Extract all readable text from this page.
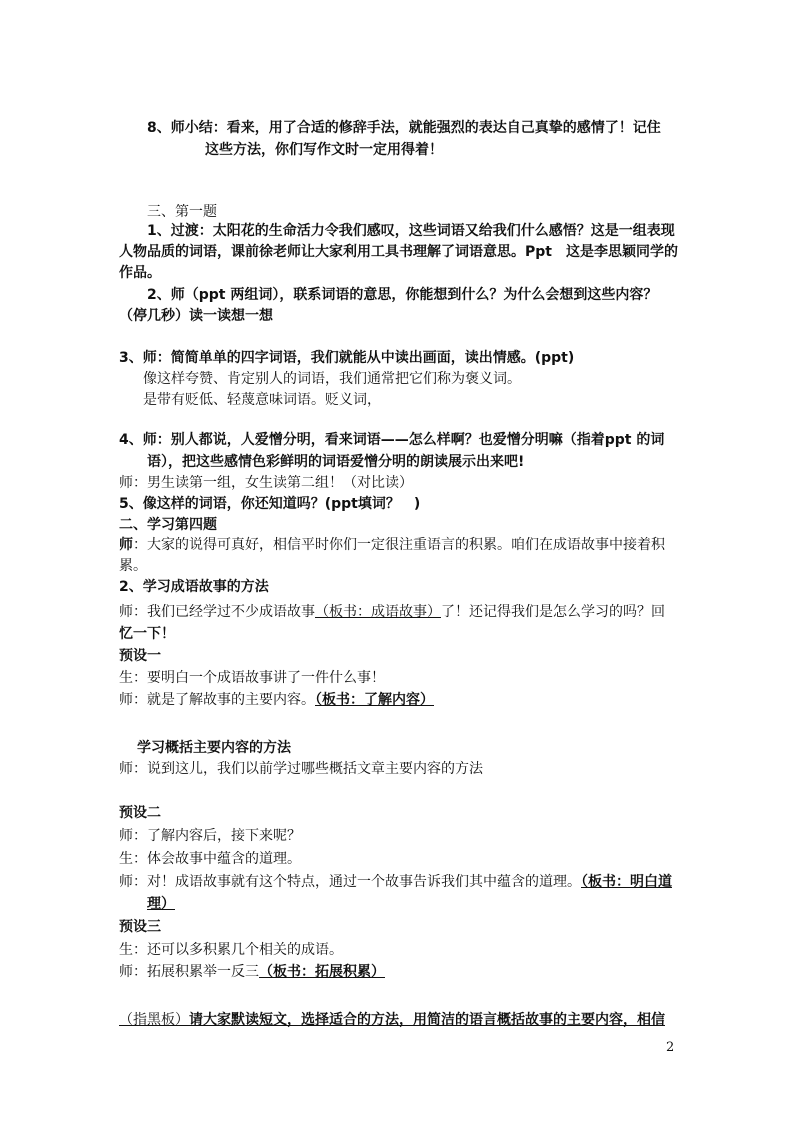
8、师小结：看来，用了合适的修辞手法，就能强烈的表达自己真挚的感情了！记住
这些方法，你们写作文时一定用得着！
三、第一题
1、过渡：太阳花的生命活力令我们感叹，这些词语又给我们什么感悟？这是一组表现
人物品质的词语，课前徐老师让大家利用工具书理解了词语意思。Ppt　这是李思颖同学的
作品。
2、师（ppt 两组词），联系词语的意思，你能想到什么？为什么会想到这些内容？
（停几秒）读一读想一想
3、师：简简单单的四字词语，我们就能从中读出画面，读出情感。(ppt)
像这样夸赞、肯定别人的词语，我们通常把它们称为褒义词。
是带有贬低、轻蔑意味词语。贬义词，
4、师：别人都说，人爱憎分明，看来词语——怎么样啊？也爱憎分明嘛（指着ppt 的词
语），把这些感情色彩鲜明的词语爱憎分明的朗读展示出来吧!
师：男生读第一组，女生读第二组！（对比读）
5、像这样的词语，你还知道吗？(ppt填词？　)
二、学习第四题
师：大家的说得可真好，相信平时你们一定很注重语言的积累。咱们在成语故事中接着积
累。
2、学习成语故事的方法
师：我们已经学过不少成语故事（板书：成语故事）了！还记得我们是怎么学习的吗？回
忆一下！
预设一
生：要明白一个成语故事讲了一件什么事！
师：就是了解故事的主要内容。（板书：了解内容）
学习概括主要内容的方法
师：说到这儿，我们以前学过哪些概括文章主要内容的方法
预设二
师：了解内容后，接下来呢？
生：体会故事中蕴含的道理。
师：对！成语故事就有这个特点，通过一个故事告诉我们其中蕴含的道理。（板书：明白道
理）
预设三
生：还可以多积累几个相关的成语。
师：拓展积累举一反三（板书：拓展积累）
（指黑板）请大家默读短文，选择适合的方法，用简洁的语言概括故事的主要内容，相信
2
